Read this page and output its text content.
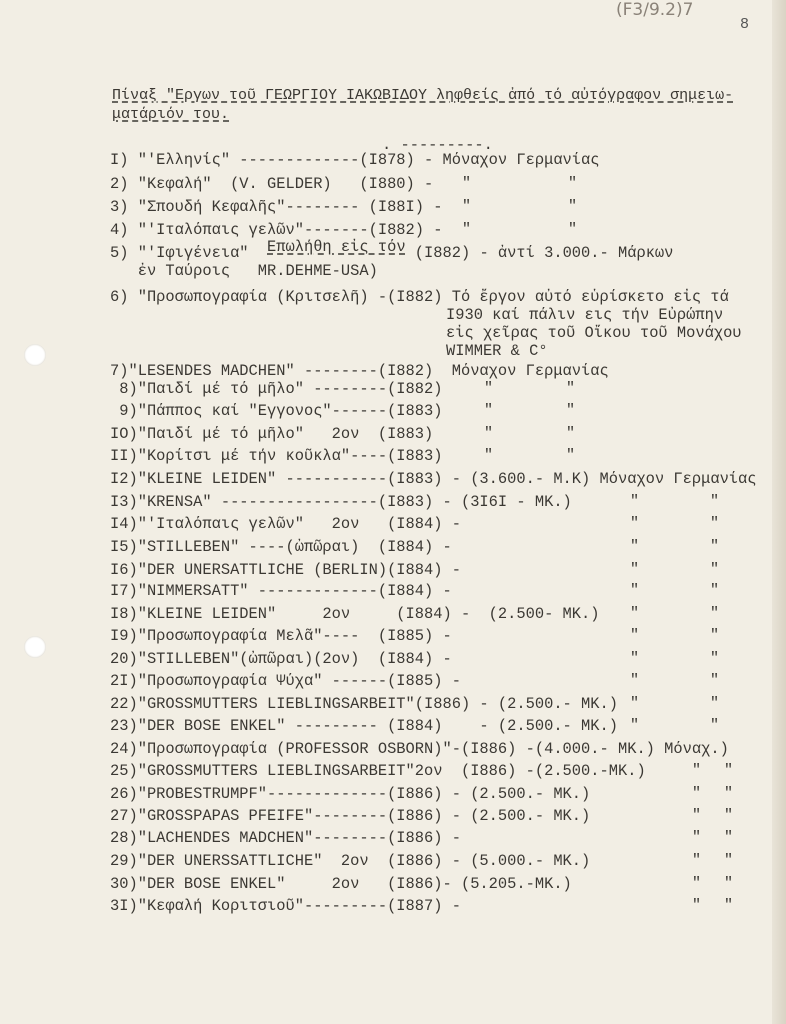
(F3/9.2)7
8
Πίναξ "Εργων τοῦ ΓΕΩΡΓΙΟΥ ΙΑΚΩΒΙΔΟΥ ληφθείς ἀπό τό αὐτόγραφον σημειω-
ματάριόν του.
. ---------.
I) "'Ελληνίς" -------------(I878) - Μόναχον Γερμανίας
2) "Κεφαλή"  (V. GELDER)   (I880) - "	"
3) "Σπουδή Κεφαλῆς"-------- (I88I) - "	"
4) "'Ιταλόπαις γελῶν"-------(I882) - "	"
5) "'Ιφιγένεια"  Επωλήθη εἰς τόν (I882) - ἀντί 3.000.- Μάρκων
ἐν Ταύροις   MR.DEHME-USA)
6) "Προσωπογραφία (Κριτσελῆ) -(I882) Τό ἔργον αὐτό εὑρίσκετο εἰς τά
I930 καί πάλιν εις τήν Εὐρώπην
εἰς χεῖρας τοῦ Οἴκου τοῦ Μονάχου
WIMMER & C°
7)"LESENDES MADCHEN" --------(I882)  Μόναχον Γερμανίας
8)"Παιδί μέ τό μῆλο" --------(I882)	"	"
9)"Πάππος καί "Εγγονος"------(I883)	"	"
IO)"Παιδί μέ τό μῆλο"   2ον  (I883)	"	"
II)"Κορίτσι μέ τήν κοῦκλα"----(I883)	"	"
I2)"KLEINE LEIDEN" -----------(I883) - (3.600.- M.K) Μόναχον Γερμανίας
I3)"KRENSA" -----------------(I883) - (3I6I - MK.)	"	"
I4)"'Ιταλόπαις γελῶν"   2ον   (I884) -	"	"
I5)"STILLEBEN" ----(ὠπῶραι)  (I884) -	"	"
I6)"DER UNERSATTLICHE (BERLIN)(I884) -	"	"
I7)"NIMMERSATT" -------------(I884) -	"	"
I8)"KLEINE LEIDEN"     2ον     (I884) -  (2.500- MK.) "	"
I9)"Προσωπογραφία Μελᾶ"----  (I885) -	"	"
20)"STILLEBEN"(ὠπῶραι)(2ον)  (I884) -	"	"
2I)"Προσωπογραφία Ψύχα" ------(I885) -	"	"
22)"GROSSMUTTERS LIEBLINGSARBEIT"(I886) - (2.500.- MK.) "	"
23)"DER BOSE ENKEL" --------- (I884)    - (2.500.- MK.) "	"
24)"Προσωπογραφία (PROFESSOR OSBORN)"-(I886) -(4.000.- MK.) Μόναχ.)
25)"GROSSMUTTERS LIEBLINGSARBEIT"2ον  (I886) -(2.500.-MK.)	" "
26)"PROBESTRUMPF"-------------(I886) - (2.500.- MK.)	" "
27)"GROSSPAPAS PFEIFE"--------(I886) - (2.500.- MK.)	" "
28)"LACHENDES MADCHEN"--------(I886) -	" "
29)"DER UNERSSATTLICHE"  2ον  (I886) - (5.000.- MK.)	" "
30)"DER BOSE ENKEL"     2ον   (I886)- (5.205.-MK.)	" "
3I)"Κεφαλή Κοριτσιοῦ"---------(I887) -	" "
